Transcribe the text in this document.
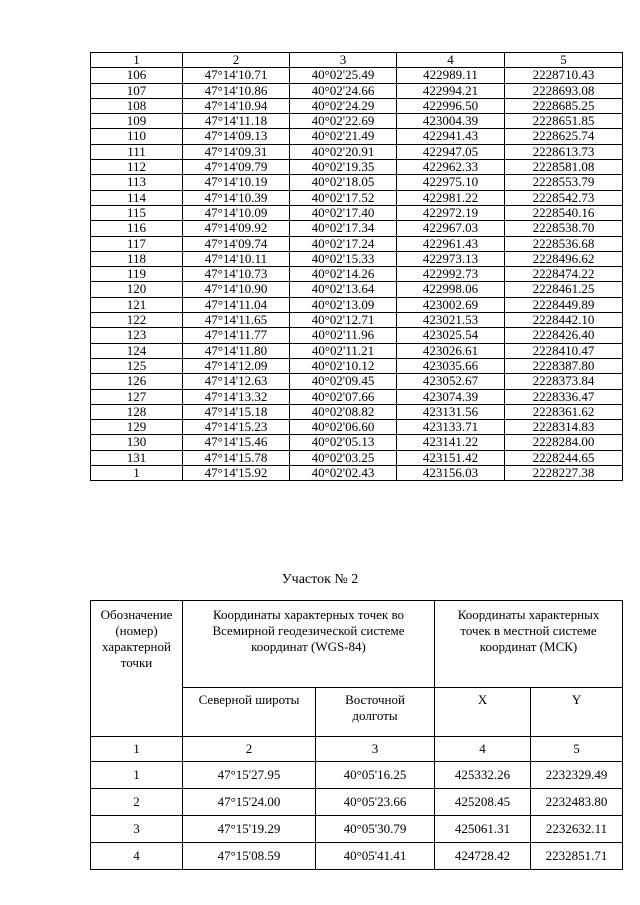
1	2	3	4	5
106	47°14'10.71	40°02'25.49	422989.11	2228710.43
107	47°14'10.86	40°02'24.66	422994.21	2228693.08
108	47°14'10.94	40°02'24.29	422996.50	2228685.25
109	47°14'11.18	40°02'22.69	423004.39	2228651.85
110	47°14'09.13	40°02'21.49	422941.43	2228625.74
111	47°14'09.31	40°02'20.91	422947.05	2228613.73
112	47°14'09.79	40°02'19.35	422962.33	2228581.08
113	47°14'10.19	40°02'18.05	422975.10	2228553.79
114	47°14'10.39	40°02'17.52	422981.22	2228542.73
115	47°14'10.09	40°02'17.40	422972.19	2228540.16
116	47°14'09.92	40°02'17.34	422967.03	2228538.70
117	47°14'09.74	40°02'17.24	422961.43	2228536.68
118	47°14'10.11	40°02'15.33	422973.13	2228496.62
119	47°14'10.73	40°02'14.26	422992.73	2228474.22
120	47°14'10.90	40°02'13.64	422998.06	2228461.25
121	47°14'11.04	40°02'13.09	423002.69	2228449.89
122	47°14'11.65	40°02'12.71	423021.53	2228442.10
123	47°14'11.77	40°02'11.96	423025.54	2228426.40
124	47°14'11.80	40°02'11.21	423026.61	2228410.47
125	47°14'12.09	40°02'10.12	423035.66	2228387.80
126	47°14'12.63	40°02'09.45	423052.67	2228373.84
127	47°14'13.32	40°02'07.66	423074.39	2228336.47
128	47°14'15.18	40°02'08.82	423131.56	2228361.62
129	47°14'15.23	40°02'06.60	423133.71	2228314.83
130	47°14'15.46	40°02'05.13	423141.22	2228284.00
131	47°14'15.78	40°02'03.25	423151.42	2228244.65
1	47°14'15.92	40°02'02.43	423156.03	2228227.38
Участок № 2
Обозначение (номер) характерной точки	Координаты характерных точек во Всемирной геодезической системе координат (WGS-84)		Координаты характерных точек в местной системе координат (МСК)	
	Северной широты	Восточной долготы	X	Y
1	2	3	4	5
1	47°15'27.95	40°05'16.25	425332.26	2232329.49
2	47°15'24.00	40°05'23.66	425208.45	2232483.80
3	47°15'19.29	40°05'30.79	425061.31	2232632.11
4	47°15'08.59	40°05'41.41	424728.42	2232851.71
